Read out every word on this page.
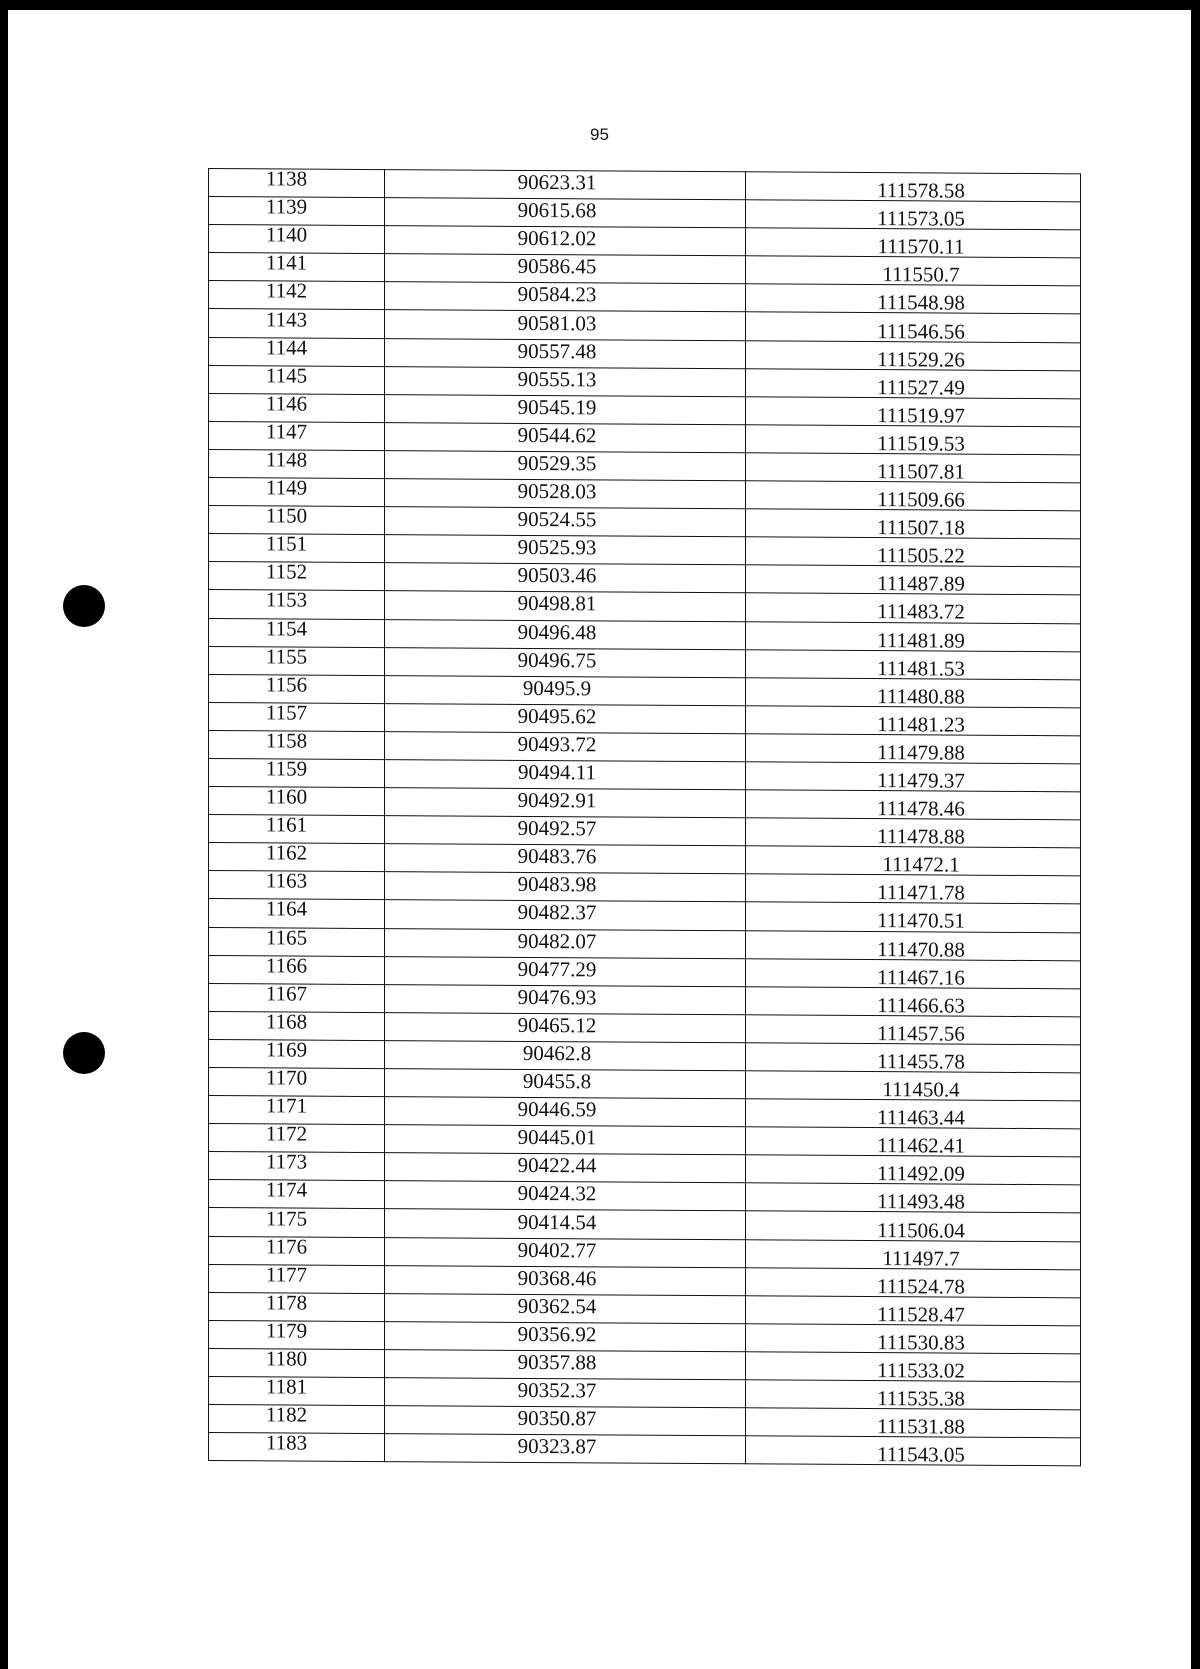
95
1138	90623.31	111578.58
1139	90615.68	111573.05
1140	90612.02	111570.11
1141	90586.45	111550.7
1142	90584.23	111548.98
1143	90581.03	111546.56
1144	90557.48	111529.26
1145	90555.13	111527.49
1146	90545.19	111519.97
1147	90544.62	111519.53
1148	90529.35	111507.81
1149	90528.03	111509.66
1150	90524.55	111507.18
1151	90525.93	111505.22
1152	90503.46	111487.89
1153	90498.81	111483.72
1154	90496.48	111481.89
1155	90496.75	111481.53
1156	90495.9	111480.88
1157	90495.62	111481.23
1158	90493.72	111479.88
1159	90494.11	111479.37
1160	90492.91	111478.46
1161	90492.57	111478.88
1162	90483.76	111472.1
1163	90483.98	111471.78
1164	90482.37	111470.51
1165	90482.07	111470.88
1166	90477.29	111467.16
1167	90476.93	111466.63
1168	90465.12	111457.56
1169	90462.8	111455.78
1170	90455.8	111450.4
1171	90446.59	111463.44
1172	90445.01	111462.41
1173	90422.44	111492.09
1174	90424.32	111493.48
1175	90414.54	111506.04
1176	90402.77	111497.7
1177	90368.46	111524.78
1178	90362.54	111528.47
1179	90356.92	111530.83
1180	90357.88	111533.02
1181	90352.37	111535.38
1182	90350.87	111531.88
1183	90323.87	111543.05
